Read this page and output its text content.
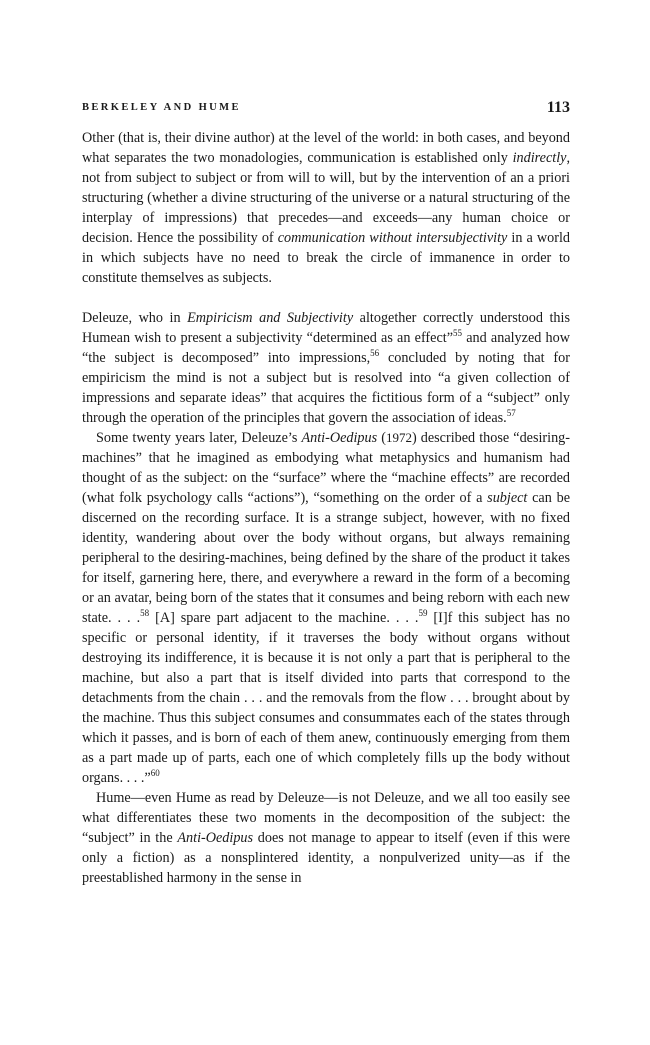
BERKELEY AND HUME	113

Other (that is, their divine author) at the level of the world: in both cases, and beyond what separates the two monadologies, communication is established only indirectly, not from subject to subject or from will to will, but by the intervention of an a priori structuring (whether a divine structuring of the universe or a natural structuring of the interplay of impressions) that precedes—and exceeds—any human choice or decision. Hence the possibility of communication without intersubjectivity in a world in which subjects have no need to break the circle of immanence in order to constitute themselves as subjects.

Deleuze, who in Empiricism and Subjectivity altogether correctly understood this Humean wish to present a subjectivity “determined as an effect”$^{55}$ and analyzed how “the subject is decomposed” into impressions,$^{56}$ concluded by noting that for empiricism the mind is not a subject but is resolved into “a given collection of impressions and separate ideas” that acquires the fictitious form of a “subject” only through the operation of the principles that govern the association of ideas.$^{57}$

Some twenty years later, Deleuze’s Anti-Oedipus (1972) described those “desiring-machines” that he imagined as embodying what metaphysics and humanism had thought of as the subject: on the “surface” where the “machine effects” are recorded (what folk psychology calls “actions”), “something on the order of a subject can be discerned on the recording surface. It is a strange subject, however, with no fixed identity, wandering about over the body without organs, but always remaining peripheral to the desiring-machines, being defined by the share of the product it takes for itself, garnering here, there, and everywhere a reward in the form of a becoming or an avatar, being born of the states that it consumes and being reborn with each new state. . . .$^{58}$ [A] spare part adjacent to the machine. . . .$^{59}$ [I]f this subject has no specific or personal identity, if it traverses the body without organs without destroying its indifference, it is because it is not only a part that is peripheral to the machine, but also a part that is itself divided into parts that correspond to the detachments from the chain . . . and the removals from the flow . . . brought about by the machine. Thus this subject consumes and consummates each of the states through which it passes, and is born of each of them anew, continuously emerging from them as a part made up of parts, each one of which completely fills up the body without organs. . . .”$^{60}$

Hume—even Hume as read by Deleuze—is not Deleuze, and we all too easily see what differentiates these two moments in the decomposition of the subject: the “subject” in the Anti-Oedipus does not manage to appear to itself (even if this were only a fiction) as a nonsplintered identity, a nonpulverized unity—as if the preestablished harmony in the sense in
